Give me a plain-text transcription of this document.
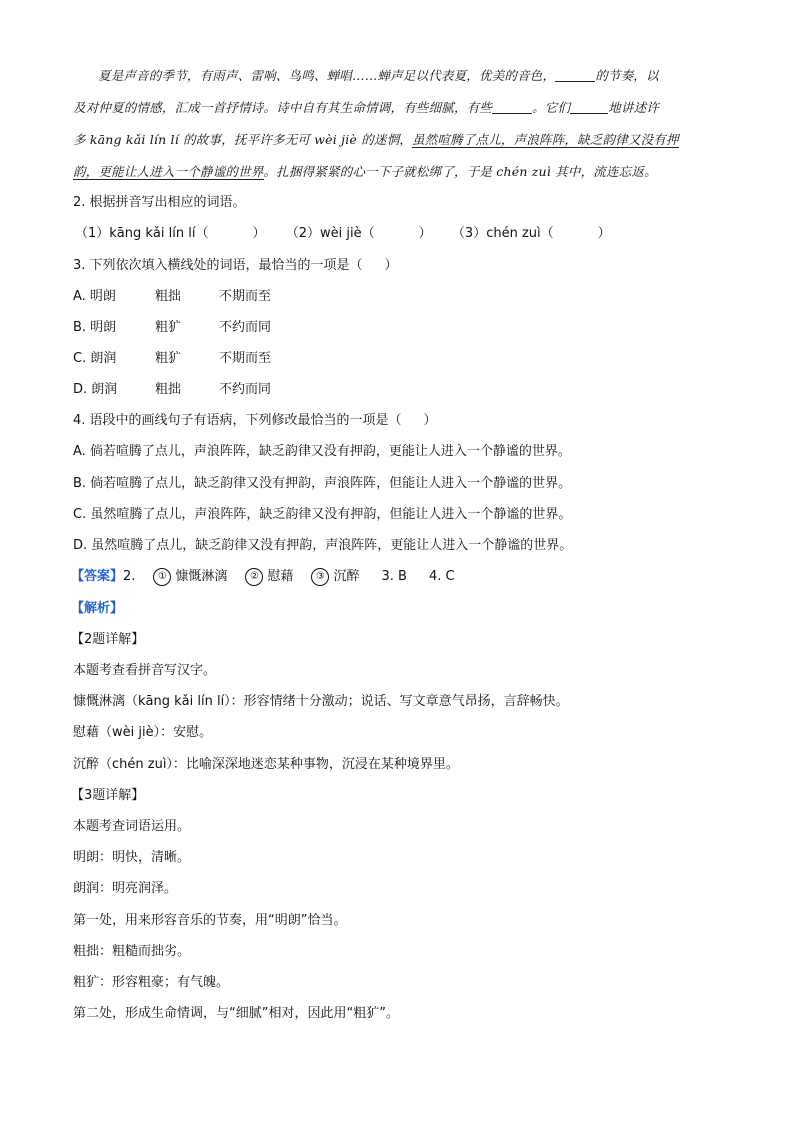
夏是声音的季节，有雨声、雷响、鸟鸣、蝉唱……蝉声足以代表夏，优美的音色，	的节奏，以
及对仲夏的情感，汇成一首抒情诗。诗中自有其生命情调，有些细腻，有些	。它们	地讲述许
多 kāng kǎi lín lí 的故事，抚平许多无可 wèi jiè 的迷惘，虽然喧腾了点儿，声浪阵阵，缺乏韵律又没有押
韵，更能让人进入一个静谧的世界。扎捆得紧紧的心一下子就松绑了，于是 chén zuì 其中，流连忘返。
2. 根据拼音写出相应的词语。
（1）kāng kǎi lín lí（	） （2）wèi jiè（	） （3）chén zuì（	）
3. 下列依次填入横线处的词语，最恰当的一项是（ ）
A. 明朗	粗拙	不期而至
B. 明朗	粗犷	不约而同
C. 朗润	粗犷	不期而至
D. 朗润	粗拙	不约而同
4. 语段中的画线句子有语病，下列修改最恰当的一项是（ ）
A. 倘若喧腾了点儿，声浪阵阵，缺乏韵律又没有押韵，更能让人进入一个静谧的世界。
B. 倘若喧腾了点儿，缺乏韵律又没有押韵，声浪阵阵，但能让人进入一个静谧的世界。
C. 虽然喧腾了点儿，声浪阵阵，缺乏韵律又没有押韵，但能让人进入一个静谧的世界。
D. 虽然喧腾了点儿，缺乏韵律又没有押韵，声浪阵阵，更能让人进入一个静谧的世界。
【答案】2. ① 慷慨淋漓 ② 慰藉 ③ 沉醉 3. B 4. C
【解析】
【2题详解】
本题考查看拼音写汉字。
慷慨淋漓（kāng kǎi lín lí）：形容情绪十分激动；说话、写文章意气昂扬，言辞畅快。
慰藉（wèi jiè）：安慰。
沉醉（chén zuì）：比喻深深地迷恋某种事物，沉浸在某种境界里。
【3题详解】
本题考查词语运用。
明朗：明快，清晰。
朗润：明亮润泽。
第一处，用来形容音乐的节奏，用“明朗”恰当。
粗拙：粗糙而拙劣。
粗犷：形容粗豪；有气魄。
第二处，形成生命情调，与“细腻”相对，因此用“粗犷”。
